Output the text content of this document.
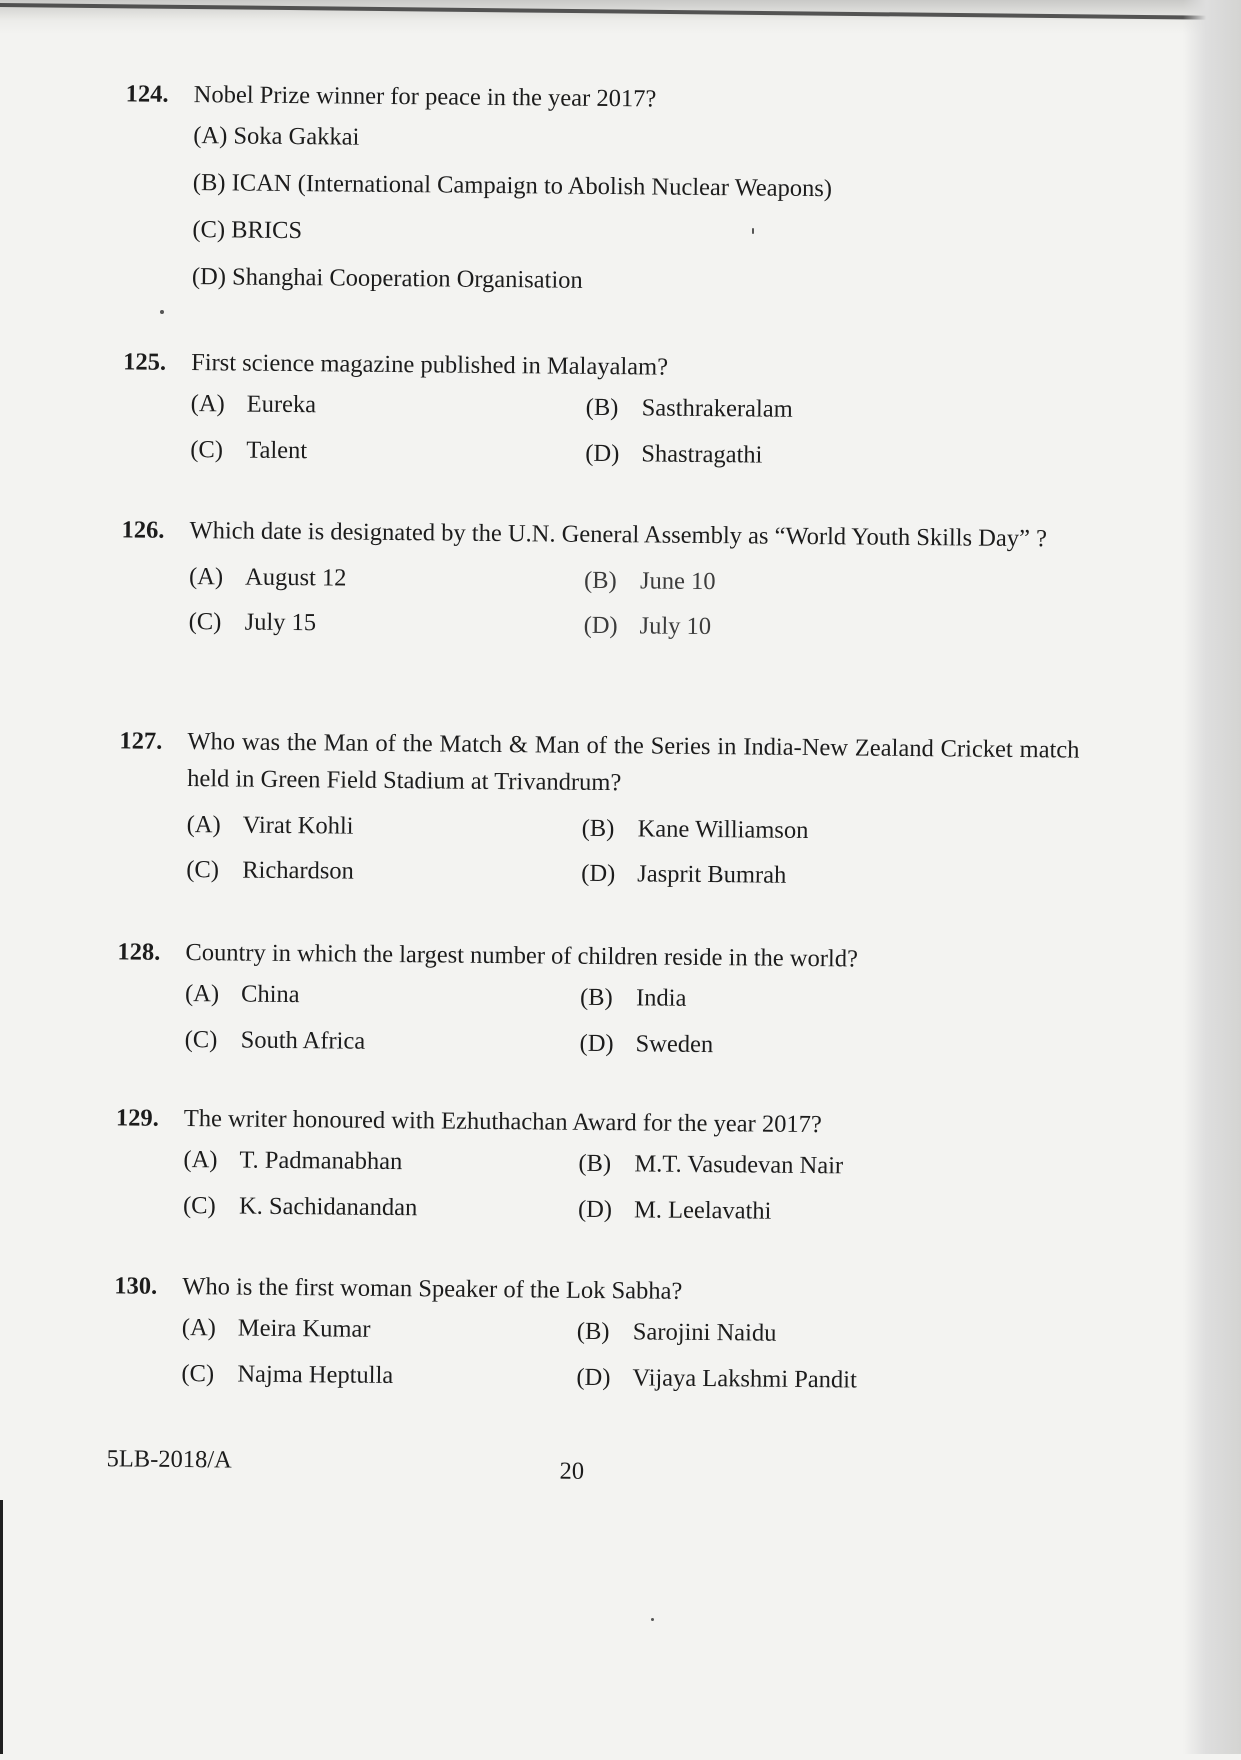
124.	Nobel Prize winner for peace in the year 2017?
(A) Soka Gakkai
(B) ICAN (International Campaign to Abolish Nuclear Weapons)
(C) BRICS
(D) Shanghai Cooperation Organisation
125.	First science magazine published in Malayalam?
(A) Eureka	(B) Sasthrakeralam
(C) Talent	(D) Shastragathi
126.	Which date is designated by the U.N. General Assembly as “World Youth Skills Day” ?
(A) August 12	(B) June 10
(C) July 15	(D) July 10
127.	Who was the Man of the Match & Man of the Series in India-New Zealand Cricket match held in Green Field Stadium at Trivandrum?
(A) Virat Kohli	(B) Kane Williamson
(C) Richardson	(D) Jasprit Bumrah
128.	Country in which the largest number of children reside in the world?
(A) China	(B) India
(C) South Africa	(D) Sweden
129.	The writer honoured with Ezhuthachan Award for the year 2017?
(A) T. Padmanabhan	(B) M.T. Vasudevan Nair
(C) K. Sachidanandan	(D) M. Leelavathi
130.	Who is the first woman Speaker of the Lok Sabha?
(A) Meira Kumar	(B) Sarojini Naidu
(C) Najma Heptulla	(D) Vijaya Lakshmi Pandit
5LB-2018/A	20
